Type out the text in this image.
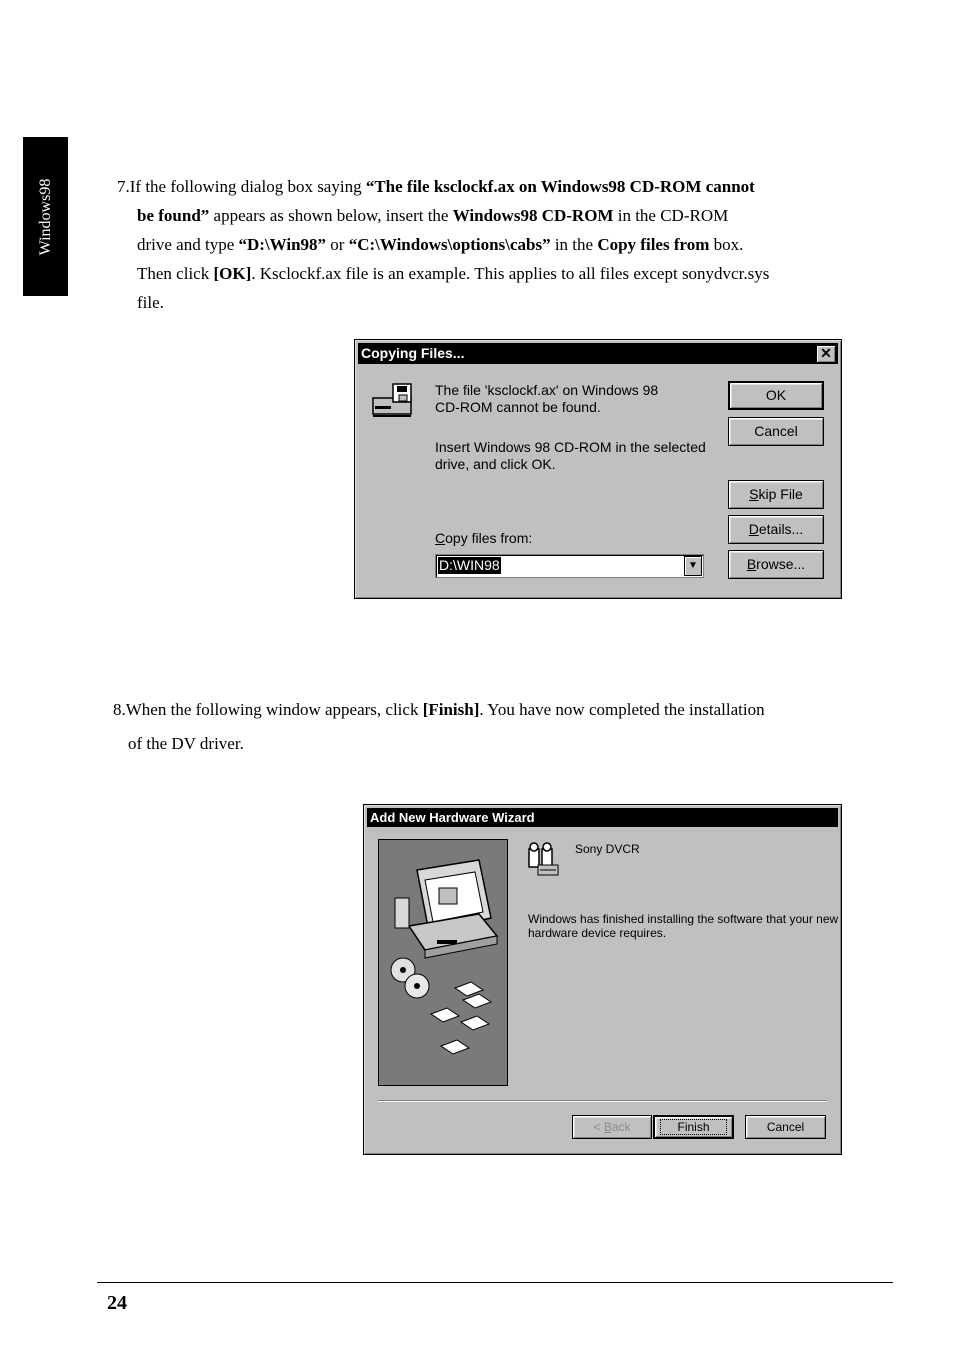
Windows98	7.If the following dialog box saying “The file ksclockf.ax on Windows98 CD-ROM cannot
be found” appears as shown below, insert the Windows98 CD-ROM in the CD-ROM
drive and type “D:\Win98” or “C:\Windows\options\cabs” in the Copy files from box.
Then click [OK]. Ksclockf.ax file is an example. This applies to all files except sonydvcr.sys
file.

Copying Files...	✕
The file 'ksclockf.ax' on Windows 98
CD-ROM cannot be found.
Insert Windows 98 CD-ROM in the selected
drive, and click OK.
Copy files from:
D:\WIN98	▼
OK
Cancel
Skip File
Details...
Browse...

8.When the following window appears, click [Finish]. You have now completed the installation
of the DV driver.

Add New Hardware Wizard
Sony DVCR
Windows has finished installing the software that your new
hardware device requires.
< Back	Finish	Cancel
24
